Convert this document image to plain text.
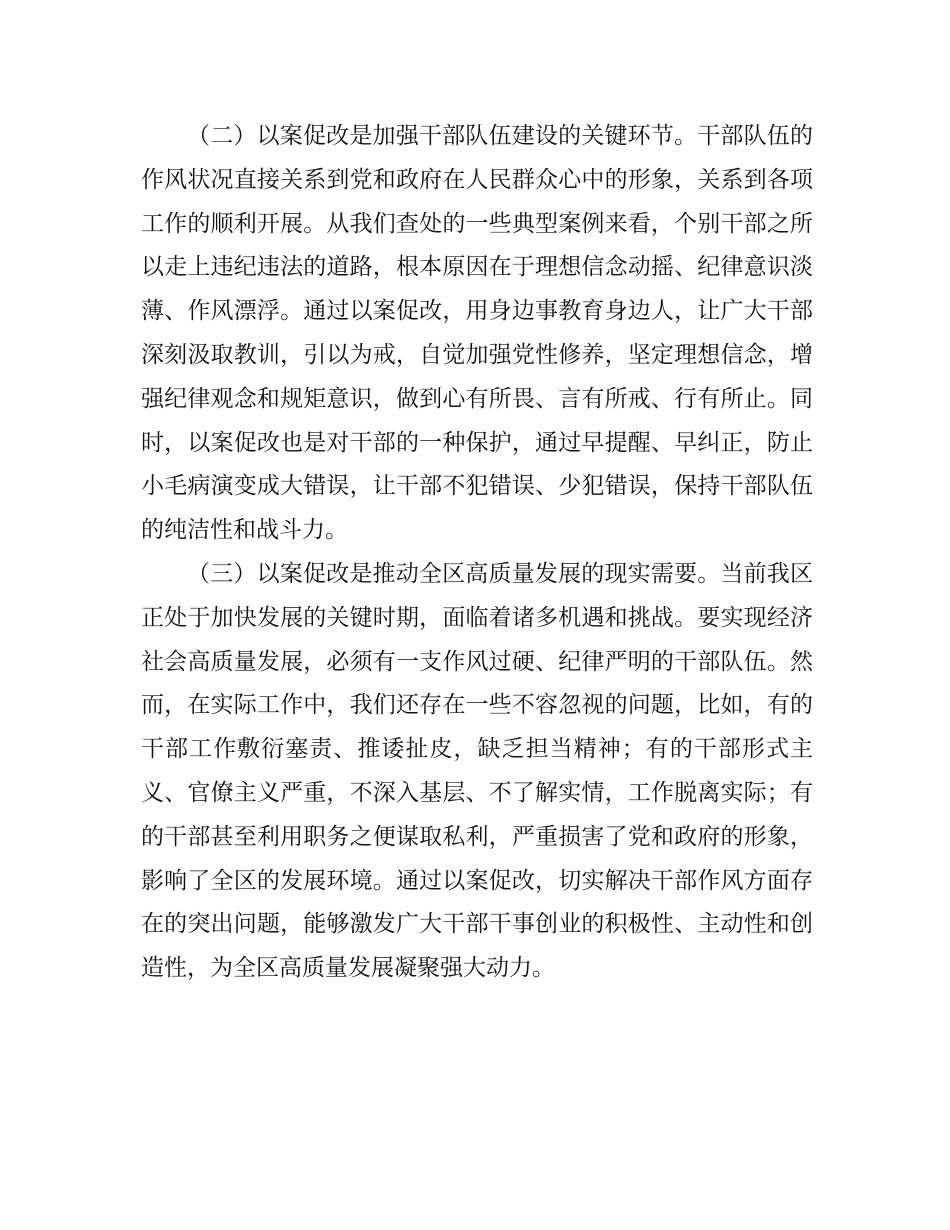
（二）以案促改是加强干部队伍建设的关键环节。干部队伍的作风状况直接关系到党和政府在人民群众心中的形象，关系到各项工作的顺利开展。从我们查处的一些典型案例来看，个别干部之所以走上违纪违法的道路，根本原因在于理想信念动摇、纪律意识淡薄、作风漂浮。通过以案促改，用身边事教育身边人，让广大干部深刻汲取教训，引以为戒，自觉加强党性修养，坚定理想信念，增强纪律观念和规矩意识，做到心有所畏、言有所戒、行有所止。同时，以案促改也是对干部的一种保护，通过早提醒、早纠正，防止小毛病演变成大错误，让干部不犯错误、少犯错误，保持干部队伍的纯洁性和战斗力。

（三）以案促改是推动全区高质量发展的现实需要。当前我区正处于加快发展的关键时期，面临着诸多机遇和挑战。要实现经济社会高质量发展，必须有一支作风过硬、纪律严明的干部队伍。然而，在实际工作中，我们还存在一些不容忽视的问题，比如，有的干部工作敷衍塞责、推诿扯皮，缺乏担当精神；有的干部形式主义、官僚主义严重，不深入基层、不了解实情，工作脱离实际；有的干部甚至利用职务之便谋取私利，严重损害了党和政府的形象，影响了全区的发展环境。通过以案促改，切实解决干部作风方面存在的突出问题，能够激发广大干部干事创业的积极性、主动性和创造性，为全区高质量发展凝聚强大动力。
